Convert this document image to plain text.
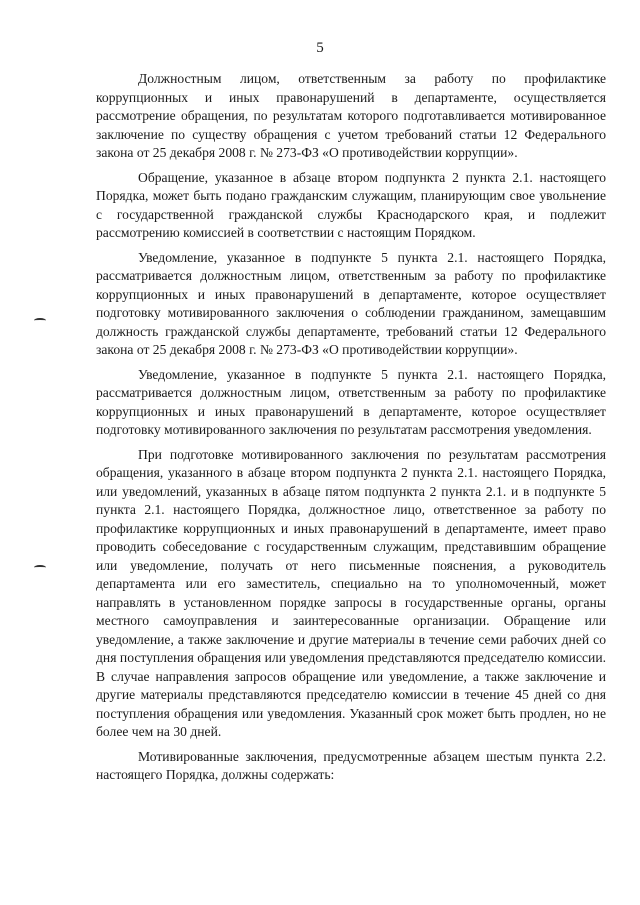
5

Должностным лицом, ответственным за работу по профилактике коррупционных и иных правонарушений в департаменте, осуществляется рассмотрение обращения, по результатам которого подготавливается мотивированное заключение по существу обращения с учетом требований статьи 12 Федерального закона от 25 декабря 2008 г. № 273-ФЗ «О противодействии коррупции».

Обращение, указанное в абзаце втором подпункта 2 пункта 2.1. настоящего Порядка, может быть подано гражданским служащим, планирующим свое увольнение с государственной гражданской службы Краснодарского края, и подлежит рассмотрению комиссией в соответствии с настоящим Порядком.

Уведомление, указанное в подпункте 5 пункта 2.1. настоящего Порядка, рассматривается должностным лицом, ответственным за работу по профилактике коррупционных и иных правонарушений в департаменте, которое осуществляет подготовку мотивированного заключения о соблюдении гражданином, замещавшим должность гражданской службы департаменте, требований статьи 12 Федерального закона от 25 декабря 2008 г. № 273-ФЗ «О противодействии коррупции».

Уведомление, указанное в подпункте 5 пункта 2.1. настоящего Порядка, рассматривается должностным лицом, ответственным за работу по профилактике коррупционных и иных правонарушений в департаменте, которое осуществляет подготовку мотивированного заключения по результатам рассмотрения уведомления.

При подготовке мотивированного заключения по результатам рассмотрения обращения, указанного в абзаце втором подпункта 2 пункта 2.1. настоящего Порядка, или уведомлений, указанных в абзаце пятом подпункта 2 пункта 2.1. и в подпункте 5 пункта 2.1. настоящего Порядка, должностное лицо, ответственное за работу по профилактике коррупционных и иных правонарушений в департаменте, имеет право проводить собеседование с государственным служащим, представившим обращение или уведомление, получать от него письменные пояснения, а руководитель департамента или его заместитель, специально на то уполномоченный, может направлять в установленном порядке запросы в государственные органы, органы местного самоуправления и заинтересованные организации. Обращение или уведомление, а также заключение и другие материалы в течение семи рабочих дней со дня поступления обращения или уведомления представляются председателю комиссии. В случае направления запросов обращение или уведомление, а также заключение и другие материалы представляются председателю комиссии в течение 45 дней со дня поступления обращения или уведомления. Указанный срок может быть продлен, но не более чем на 30 дней.

Мотивированные заключения, предусмотренные абзацем шестым пункта 2.2. настоящего Порядка, должны содержать:
